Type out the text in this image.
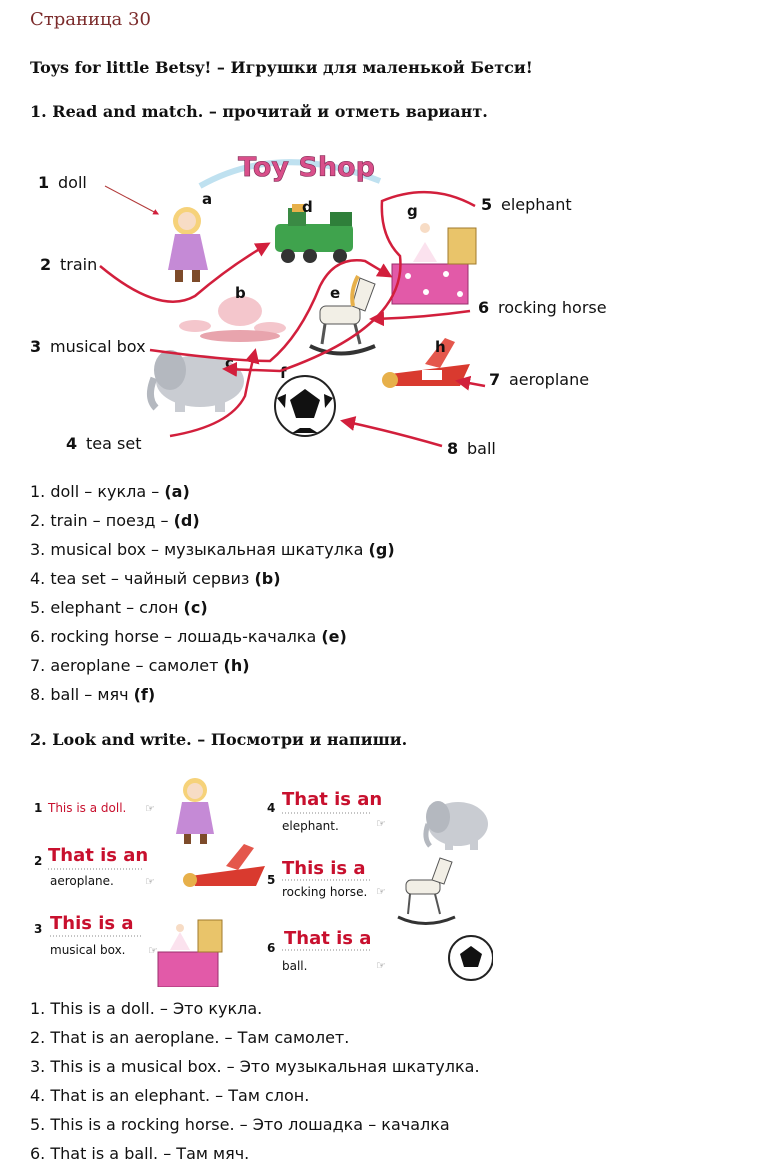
Страница 30
Toys for little Betsy! – Игрушки для маленькой Бетси!
1. Read and match. – прочитай и отметь вариант.
Toy Shop
a
b
c
d
e
f
g
h
1 doll
2 train
3 musical box
4 tea set
5 elephant
6 rocking horse
7 aeroplane
8 ball
1. doll – кукла – (a)
2. train – поезд – (d)
3. musical box – музыкальная шкатулка (g)
4. tea set – чайный сервиз (b)
5. elephant – слон (c)
6. rocking horse – лошадь-качалка (e)
7. aeroplane – самолет (h)
8. ball – мяч (f)
2. Look and write. – Посмотри и напиши.
1 This is a doll.
2 That is an
aeroplane.
3 This is a
musical box.
☞
☞
☞
4 That is an
elephant.
5
This is a
rocking horse.
6 That is a
ball.
☞
☞
☞
1. This is a doll. – Это кукла.
2. That is an aeroplane. – Там самолет.
3. This is a musical box. – Это музыкальная шкатулка.
4. That is an elephant. – Там слон.
5. This is a rocking horse. – Это лошадка – качалка
6. That is a ball. – Там мяч.
